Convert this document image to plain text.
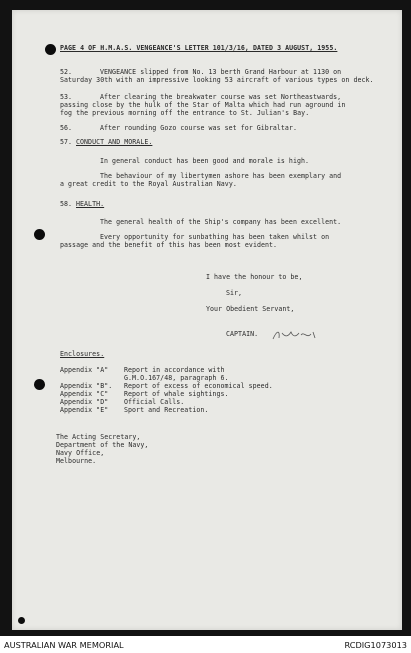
PAGE 4 OF H.M.A.S. VENGEANCE'S LETTER 101/3/16, DATED 3 AUGUST, 1955.
52.	VENGEANCE slipped from No. 13 berth Grand Harbour at 1130 on
Saturday 30th with an impressive looking 53 aircraft of various types on deck.
53.	After clearing the breakwater course was set Northeastwards,
passing close by the hulk of the Star of Malta which had run aground in
fog the previous morning off the entrance to St. Julian's Bay.
56.	After rounding Gozo course was set for Gibraltar.
57. CONDUCT AND MORALE.
In general conduct has been good and morale is high.
The behaviour of my libertymen ashore has been exemplary and
a great credit to the Royal Australian Navy.
58. HEALTH.
The general health of the Ship's company has been excellent.
Every opportunity for sunbathing has been taken whilst on
passage and the benefit of this has been most evident.
I have the honour to be,
Sir,
Your Obedient Servant,
CAPTAIN.
Enclosures.
Appendix "A" Report in accordance with
G.M.O.167/48, paragraph 6.
Appendix "B". Report of excess of economical speed.
Appendix "C" Report of whale sightings.
Appendix "D" Official Calls.
Appendix "E" Sport and Recreation.
The Acting Secretary,
Department of the Navy,
Navy Office,
Melbourne.
AUSTRALIAN WAR MEMORIAL	RCDIG1073013
